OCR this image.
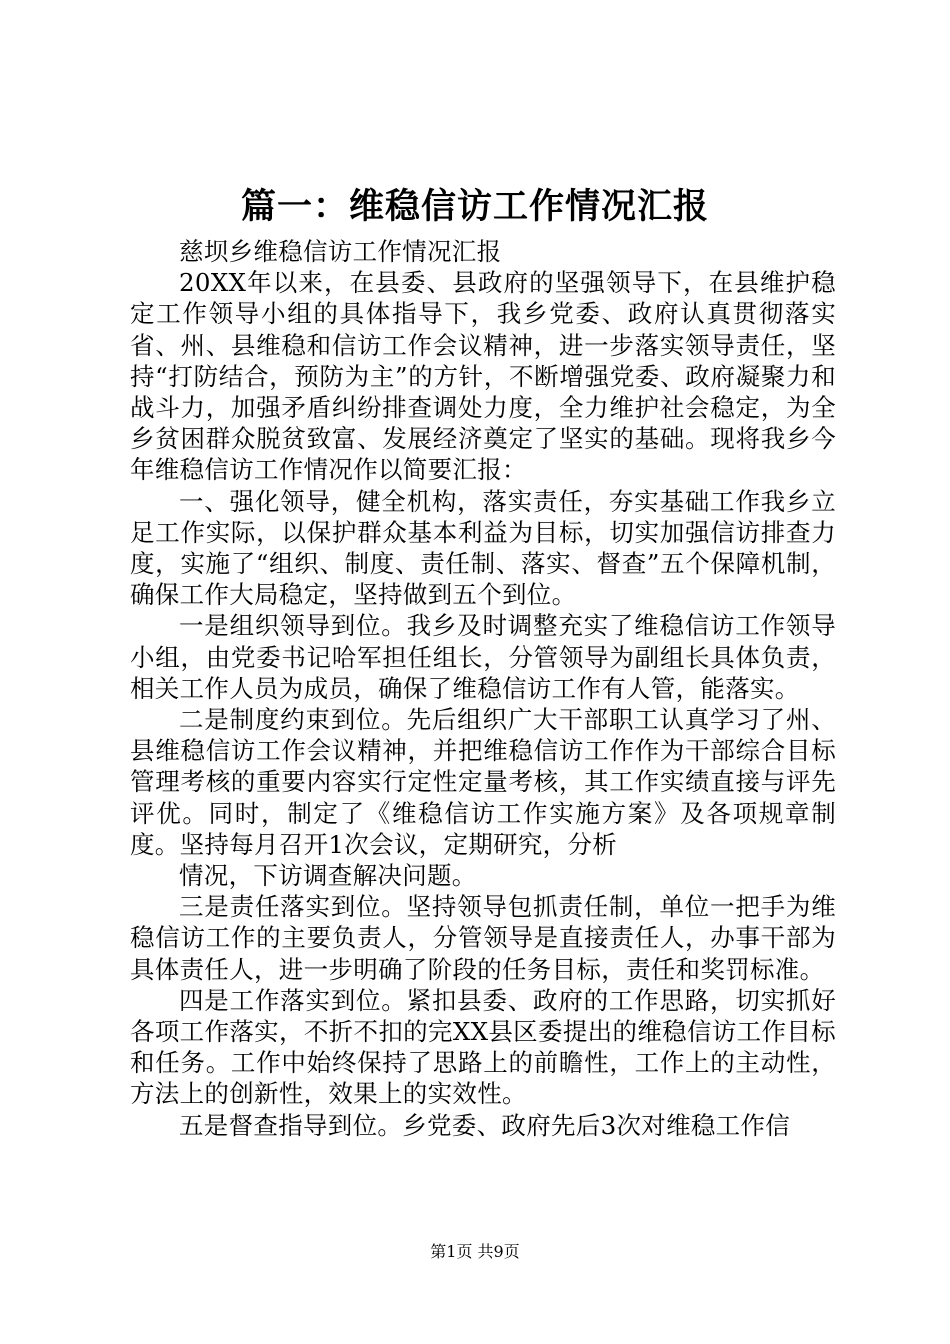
篇一：维稳信访工作情况汇报

慈坝乡维稳信访工作情况汇报

20XX年以来，在县委、县政府的坚强领导下，在县维护稳定工作领导小组的具体指导下，我乡党委、政府认真贯彻落实省、州、县维稳和信访工作会议精神，进一步落实领导责任，坚持“打防结合，预防为主”的方针，不断增强党委、政府凝聚力和战斗力，加强矛盾纠纷排查调处力度，全力维护社会稳定，为全乡贫困群众脱贫致富、发展经济奠定了坚实的基础。现将我乡今年维稳信访工作情况作以简要汇报：

一、强化领导，健全机构，落实责任，夯实基础工作我乡立足工作实际，以保护群众基本利益为目标，切实加强信访排查力度，实施了“组织、制度、责任制、落实、督查”五个保障机制，确保工作大局稳定，坚持做到五个到位。

一是组织领导到位。我乡及时调整充实了维稳信访工作领导小组，由党委书记哈军担任组长，分管领导为副组长具体负责，相关工作人员为成员，确保了维稳信访工作有人管，能落实。

二是制度约束到位。先后组织广大干部职工认真学习了州、县维稳信访工作会议精神，并把维稳信访工作作为干部综合目标管理考核的重要内容实行定性定量考核，其工作实绩直接与评先评优。同时，制定了《维稳信访工作实施方案》及各项规章制度。坚持每月召开1次会议，定期研究，分析

情况，下访调查解决问题。

三是责任落实到位。坚持领导包抓责任制，单位一把手为维稳信访工作的主要负责人，分管领导是直接责任人，办事干部为具体责任人，进一步明确了阶段的任务目标，责任和奖罚标准。

四是工作落实到位。紧扣县委、政府的工作思路，切实抓好各项工作落实，不折不扣的完XX县区委提出的维稳信访工作目标和任务。工作中始终保持了思路上的前瞻性，工作上的主动性，方法上的创新性，效果上的实效性。

五是督查指导到位。乡党委、政府先后3次对维稳工作信

第1页 共9页
